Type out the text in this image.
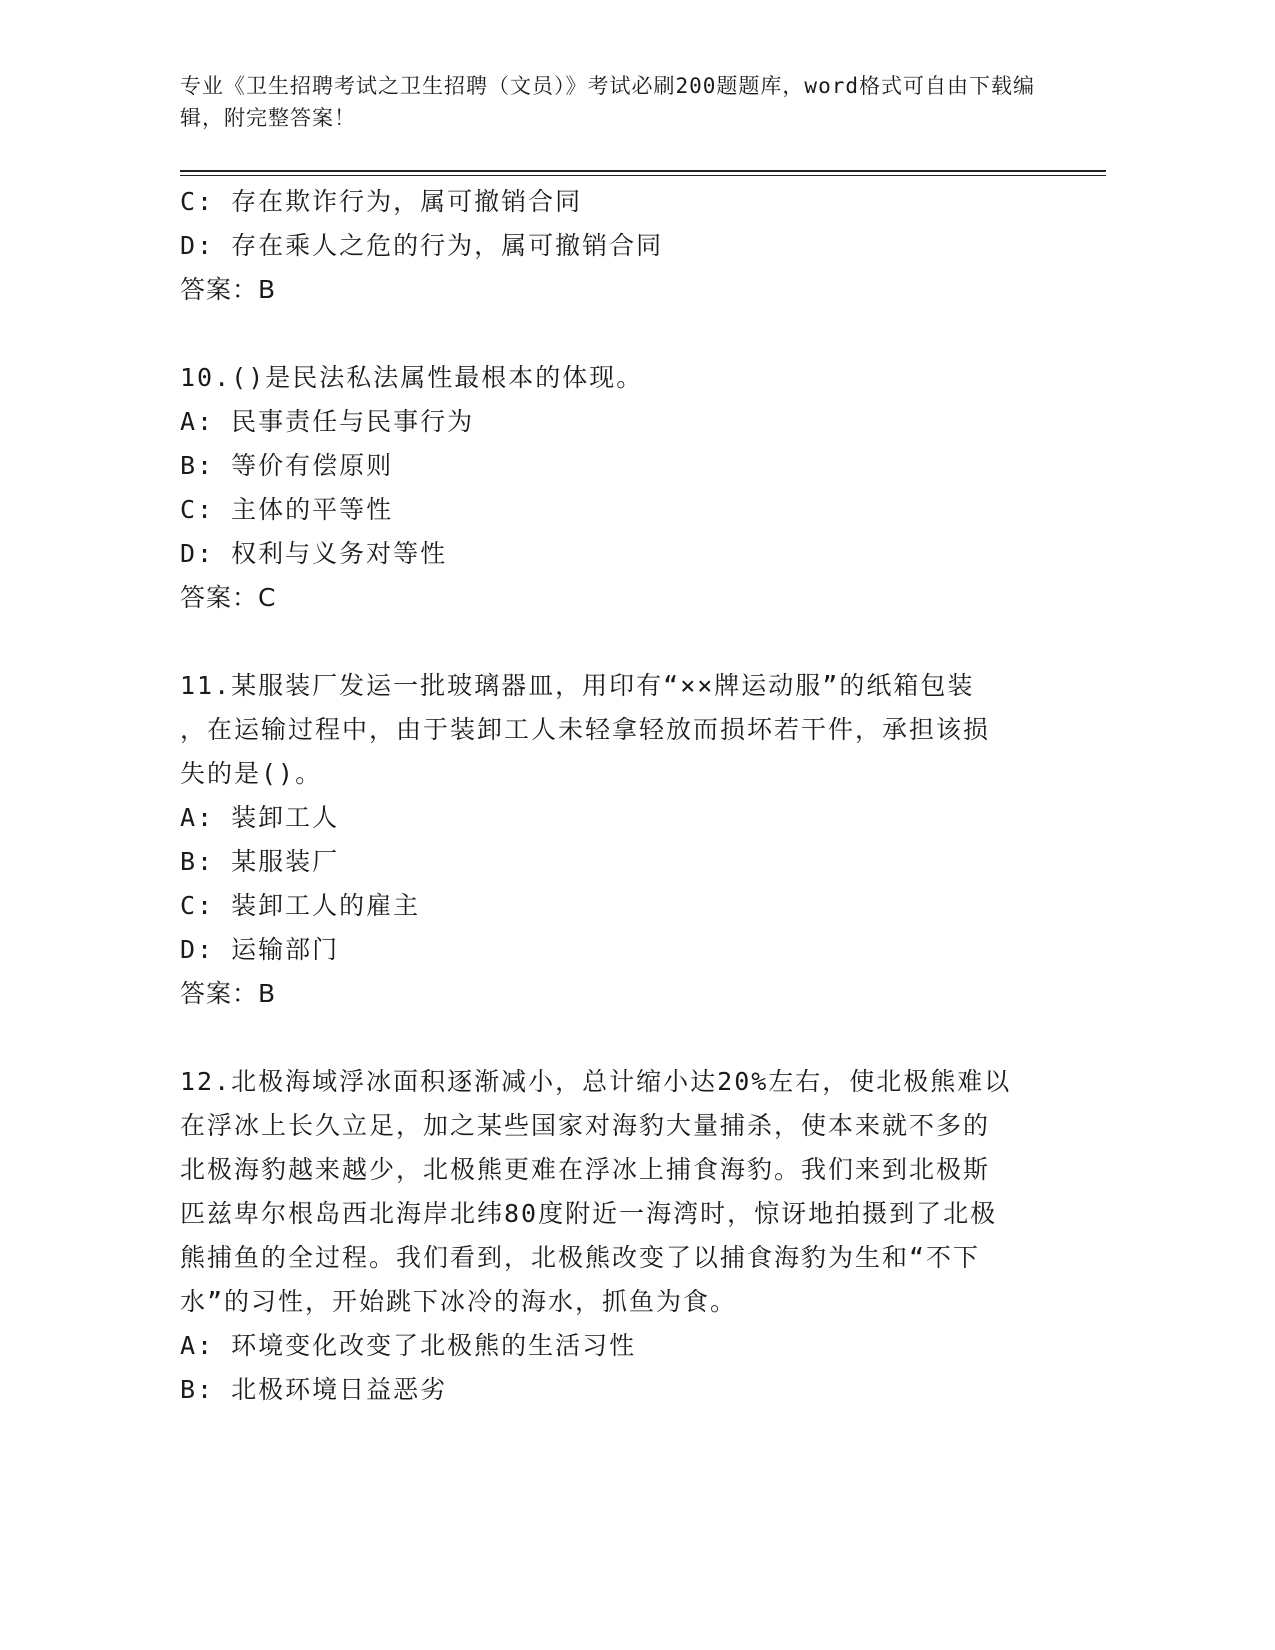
专业《卫生招聘考试之卫生招聘（文员）》考试必刷200题题库，word格式可自由下载编辑，附完整答案！
C: 存在欺诈行为，属可撤销合同
D: 存在乘人之危的行为，属可撤销合同
答案：B
10.()是民法私法属性最根本的体现。
A: 民事责任与民事行为
B: 等价有偿原则
C: 主体的平等性
D: 权利与义务对等性
答案：C
11.某服装厂发运一批玻璃器皿，用印有“××牌运动服”的纸箱包装
，在运输过程中，由于装卸工人未轻拿轻放而损坏若干件，承担该损
失的是()。
A: 装卸工人
B: 某服装厂
C: 装卸工人的雇主
D: 运输部门
答案：B
12.北极海域浮冰面积逐渐减小，总计缩小达20%左右，使北极熊难以
在浮冰上长久立足，加之某些国家对海豹大量捕杀，使本来就不多的
北极海豹越来越少，北极熊更难在浮冰上捕食海豹。我们来到北极斯
匹兹卑尔根岛西北海岸北纬80度附近一海湾时，惊讶地拍摄到了北极
熊捕鱼的全过程。我们看到，北极熊改变了以捕食海豹为生和“不下
水”的习性，开始跳下冰冷的海水，抓鱼为食。
A: 环境变化改变了北极熊的生活习性
B: 北极环境日益恶劣
